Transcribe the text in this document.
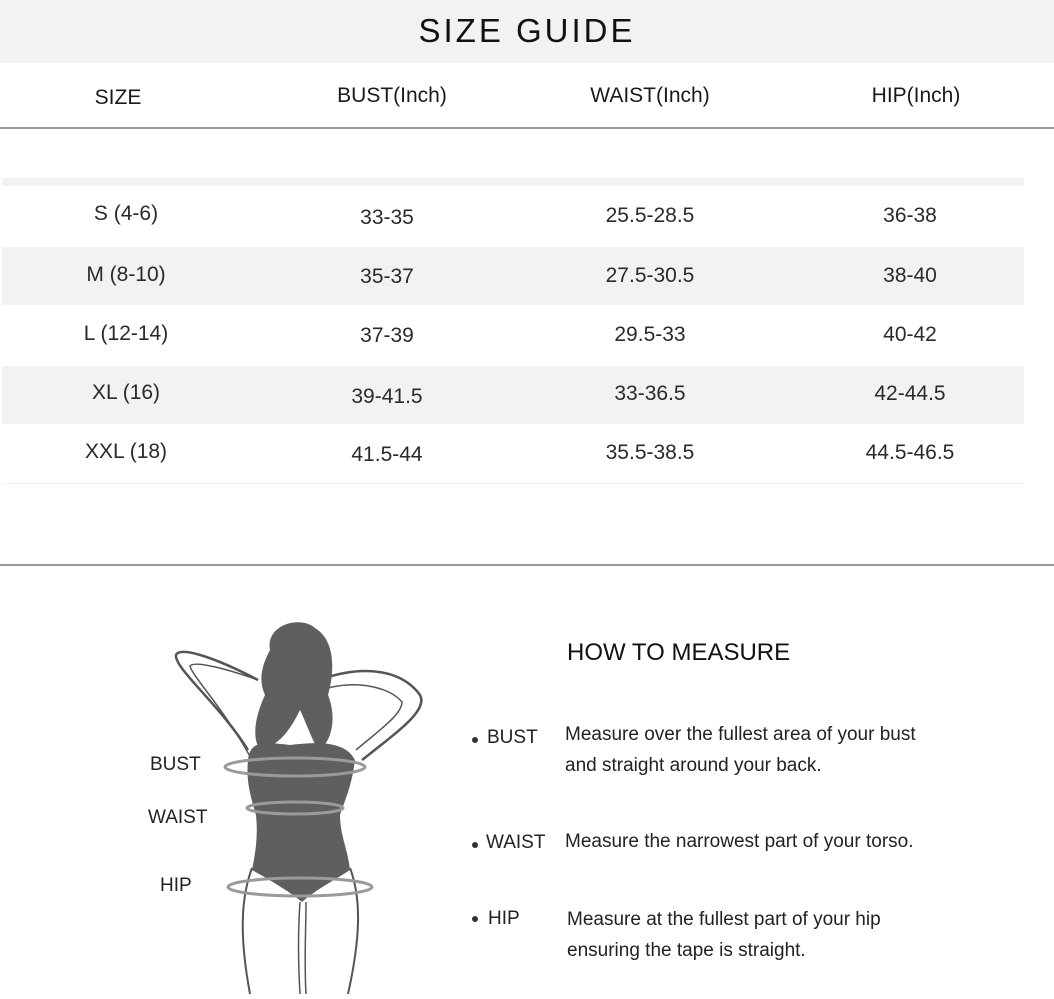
SIZE GUIDE
SIZE	BUST(Inch)	WAIST(Inch)	HIP(Inch)
S (4-6)	33-35	25.5-28.5	36-38
M (8-10)	35-37	27.5-30.5	38-40
L (12-14)	37-39	29.5-33	40-42
XL (16)	39-41.5	33-36.5	42-44.5
XXL (18)	41.5-44	35.5-38.5	44.5-46.5
BUST
WAIST
HIP
HOW TO MEASURE
BUST Measure over the fullest area of your bust
and straight around your back.
WAIST Measure the narrowest part of your torso.
HIP Measure at the fullest part of your hip
ensuring the tape is straight.
